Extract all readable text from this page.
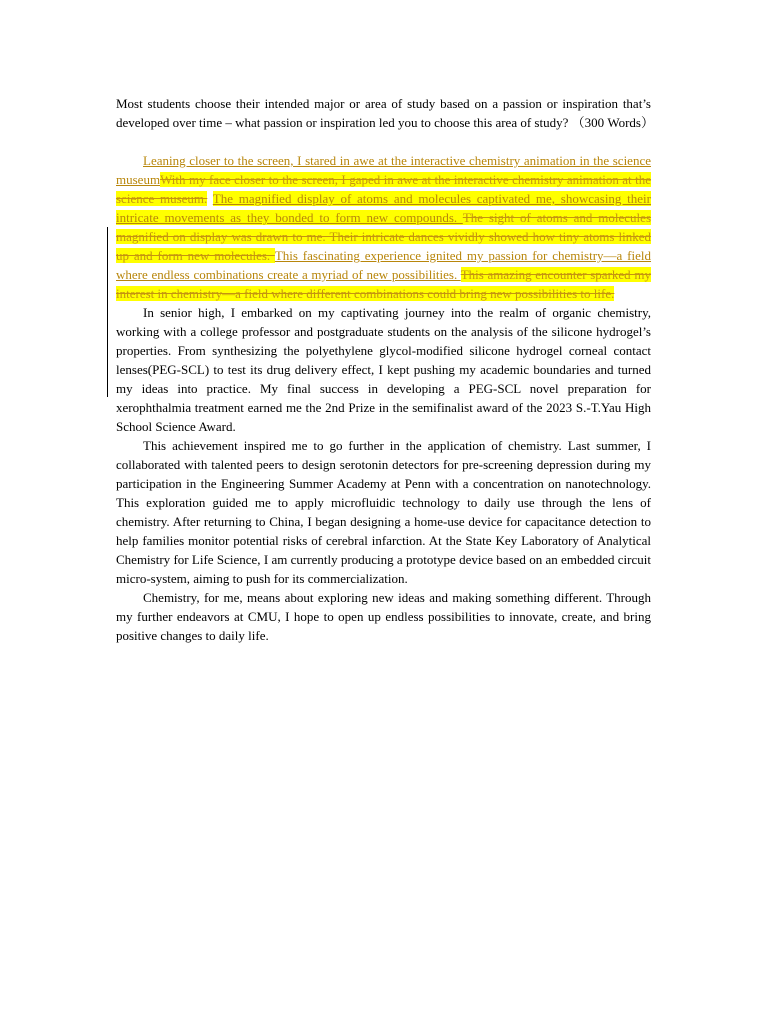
Most students choose their intended major or area of study based on a passion or inspiration that’s developed over time – what passion or inspiration led you to choose this area of study? （300 Words）

Leaning closer to the screen, I stared in awe at the interactive chemistry animation in the science museumWith my face closer to the screen, I gaped in awe at the interactive chemistry animation at the science museum. The magnified display of atoms and molecules captivated me, showcasing their intricate movements as they bonded to form new compounds. The sight of atoms and molecules magnified on display was drawn to me. Their intricate dances vividly showed how tiny atoms linked up and form new molecules. This fascinating experience ignited my passion for chemistry—a field where endless combinations create a myriad of new possibilities. This amazing encounter sparked my interest in chemistry—a field where different combinations could bring new possibilities to life.

In senior high, I embarked on my captivating journey into the realm of organic chemistry, working with a college professor and postgraduate students on the analysis of the silicone hydrogel’s properties. From synthesizing the polyethylene glycol-modified silicone hydrogel corneal contact lenses(PEG-SCL) to test its drug delivery effect, I kept pushing my academic boundaries and turned my ideas into practice. My final success in developing a PEG-SCL novel preparation for xerophthalmia treatment earned me the 2nd Prize in the semifinalist award of the 2023 S.-T.Yau High School Science Award.

This achievement inspired me to go further in the application of chemistry. Last summer, I collaborated with talented peers to design serotonin detectors for pre-screening depression during my participation in the Engineering Summer Academy at Penn with a concentration on nanotechnology. This exploration guided me to apply microfluidic technology to daily use through the lens of chemistry. After returning to China, I began designing a home-use device for capacitance detection to help families monitor potential risks of cerebral infarction. At the State Key Laboratory of Analytical Chemistry for Life Science, I am currently producing a prototype device based on an embedded circuit micro-system, aiming to push for its commercialization.

Chemistry, for me, means about exploring new ideas and making something different. Through my further endeavors at CMU, I hope to open up endless possibilities to innovate, create, and bring positive changes to daily life.
